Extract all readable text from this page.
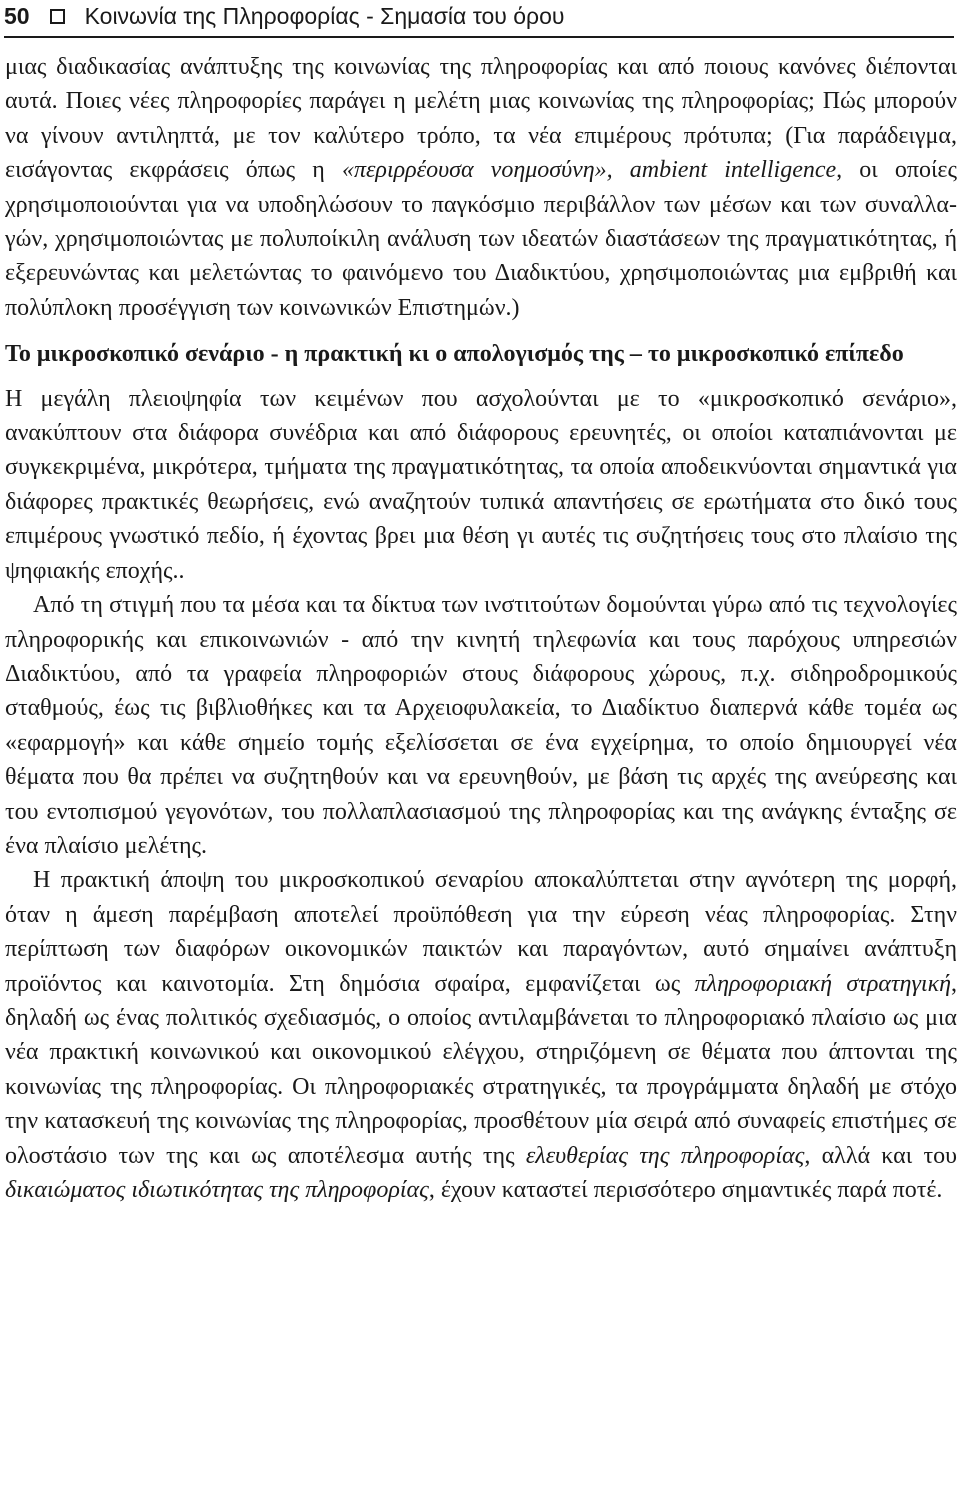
50 Κοινωνία της Πληροφορίας - Σημασία του όρου

μιας διαδικασίας ανάπτυξης της κοινωνίας της πληροφορίας και από ποιους κανόνες διέπονται αυτά. Ποιες νέες πληροφορίες παράγει η μελέτη μιας κοινωνίας της πληροφορίας; Πώς μπορούν να γίνουν αντιληπτά, με τον καλύτερο τρόπο, τα νέα επιμέρους πρότυπα; (Για παράδειγμα, εισάγοντας εκφράσεις όπως η «περιρρέουσα νοημοσύνη», ambient intelligence, οι οποίες χρησιμοποιούνται για να υποδηλώσουν το παγκόσμιο περιβάλλον των μέσων και των συναλλαγών, χρησιμοποιώντας με πολυποίκιλη ανάλυση των ιδεατών διαστάσεων της πραγματικότητας, ή εξερευνώντας και μελετώντας το φαινόμενο του Διαδικτύου, χρησιμοποιώντας μια εμβριθή και πολύπλοκη προσέγγιση των κοινωνικών Επιστημών.)

Το μικροσκοπικό σενάριο - η πρακτική κι ο απολογισμός της – το μικροσκοπικό επίπεδο

Η μεγάλη πλειοψηφία των κειμένων που ασχολούνται με το «μικροσκοπικό σενάριο», ανακύπτουν στα διάφορα συνέδρια και από διάφορους ερευνητές, οι οποίοι καταπιάνονται με συγκεκριμένα, μικρότερα, τμήματα της πραγματικότητας, τα οποία αποδεικνύονται σημαντικά για διάφορες πρακτικές θεωρήσεις, ενώ αναζητούν τυπικά απαντήσεις σε ερωτήματα στο δικό τους επιμέρους γνωστικό πεδίο, ή έχοντας βρει μια θέση γι αυτές τις συζητήσεις τους στο πλαίσιο της ψηφιακής εποχής..

Από τη στιγμή που τα μέσα και τα δίκτυα των ινστιτούτων δομούνται γύρω από τις τεχνολογίες πληροφορικής και επικοινωνιών - από την κινητή τηλεφωνία και τους παρόχους υπηρεσιών Διαδικτύου, από τα γραφεία πληροφοριών στους διάφορους χώρους, π.χ. σιδηροδρομικούς σταθμούς, έως τις βιβλιοθήκες και τα Αρχειοφυλακεία, το Διαδίκτυο διαπερνά κάθε τομέα ως «εφαρμογή» και κάθε σημείο τομής εξελίσσεται σε ένα εγχείρημα, το οποίο δημιουργεί νέα θέματα που θα πρέπει να συζητηθούν και να ερευνηθούν, με βάση τις αρχές της ανεύρεσης και του εντοπισμού γεγονότων, του πολλαπλασιασμού της πληροφορίας και της ανάγκης ένταξης σε ένα πλαίσιο μελέτης.

Η πρακτική άποψη του μικροσκοπικού σεναρίου αποκαλύπτεται στην αγνότερη της μορφή, όταν η άμεση παρέμβαση αποτελεί προϋπόθεση για την εύρεση νέας πληροφορίας. Στην περίπτωση των διαφόρων οικονομικών παικτών και παραγόντων, αυτό σημαίνει ανάπτυξη προϊόντος και καινοτομία. Στη δημόσια σφαίρα, εμφανίζεται ως πληροφοριακή στρατηγική, δηλαδή ως ένας πολιτικός σχεδιασμός, ο οποίος αντιλαμβάνεται το πληροφοριακό πλαίσιο ως μια νέα πρακτική κοινωνικού και οικονομικού ελέγχου, στηριζόμενη σε θέματα που άπτονται της κοινωνίας της πληροφορίας. Οι πληροφοριακές στρατηγικές, τα προγράμματα δηλαδή με στόχο την κατασκευή της κοινωνίας της πληροφορίας, προσθέτουν μία σειρά από συναφείς επιστήμες σε ολοστάσιο των της και ως αποτέλεσμα αυτής της ελευθερίας της πληροφορίας, αλλά και του δικαιώματος ιδιωτικότητας της πληροφορίας, έχουν καταστεί περισσότερο σημαντικές παρά ποτέ.
